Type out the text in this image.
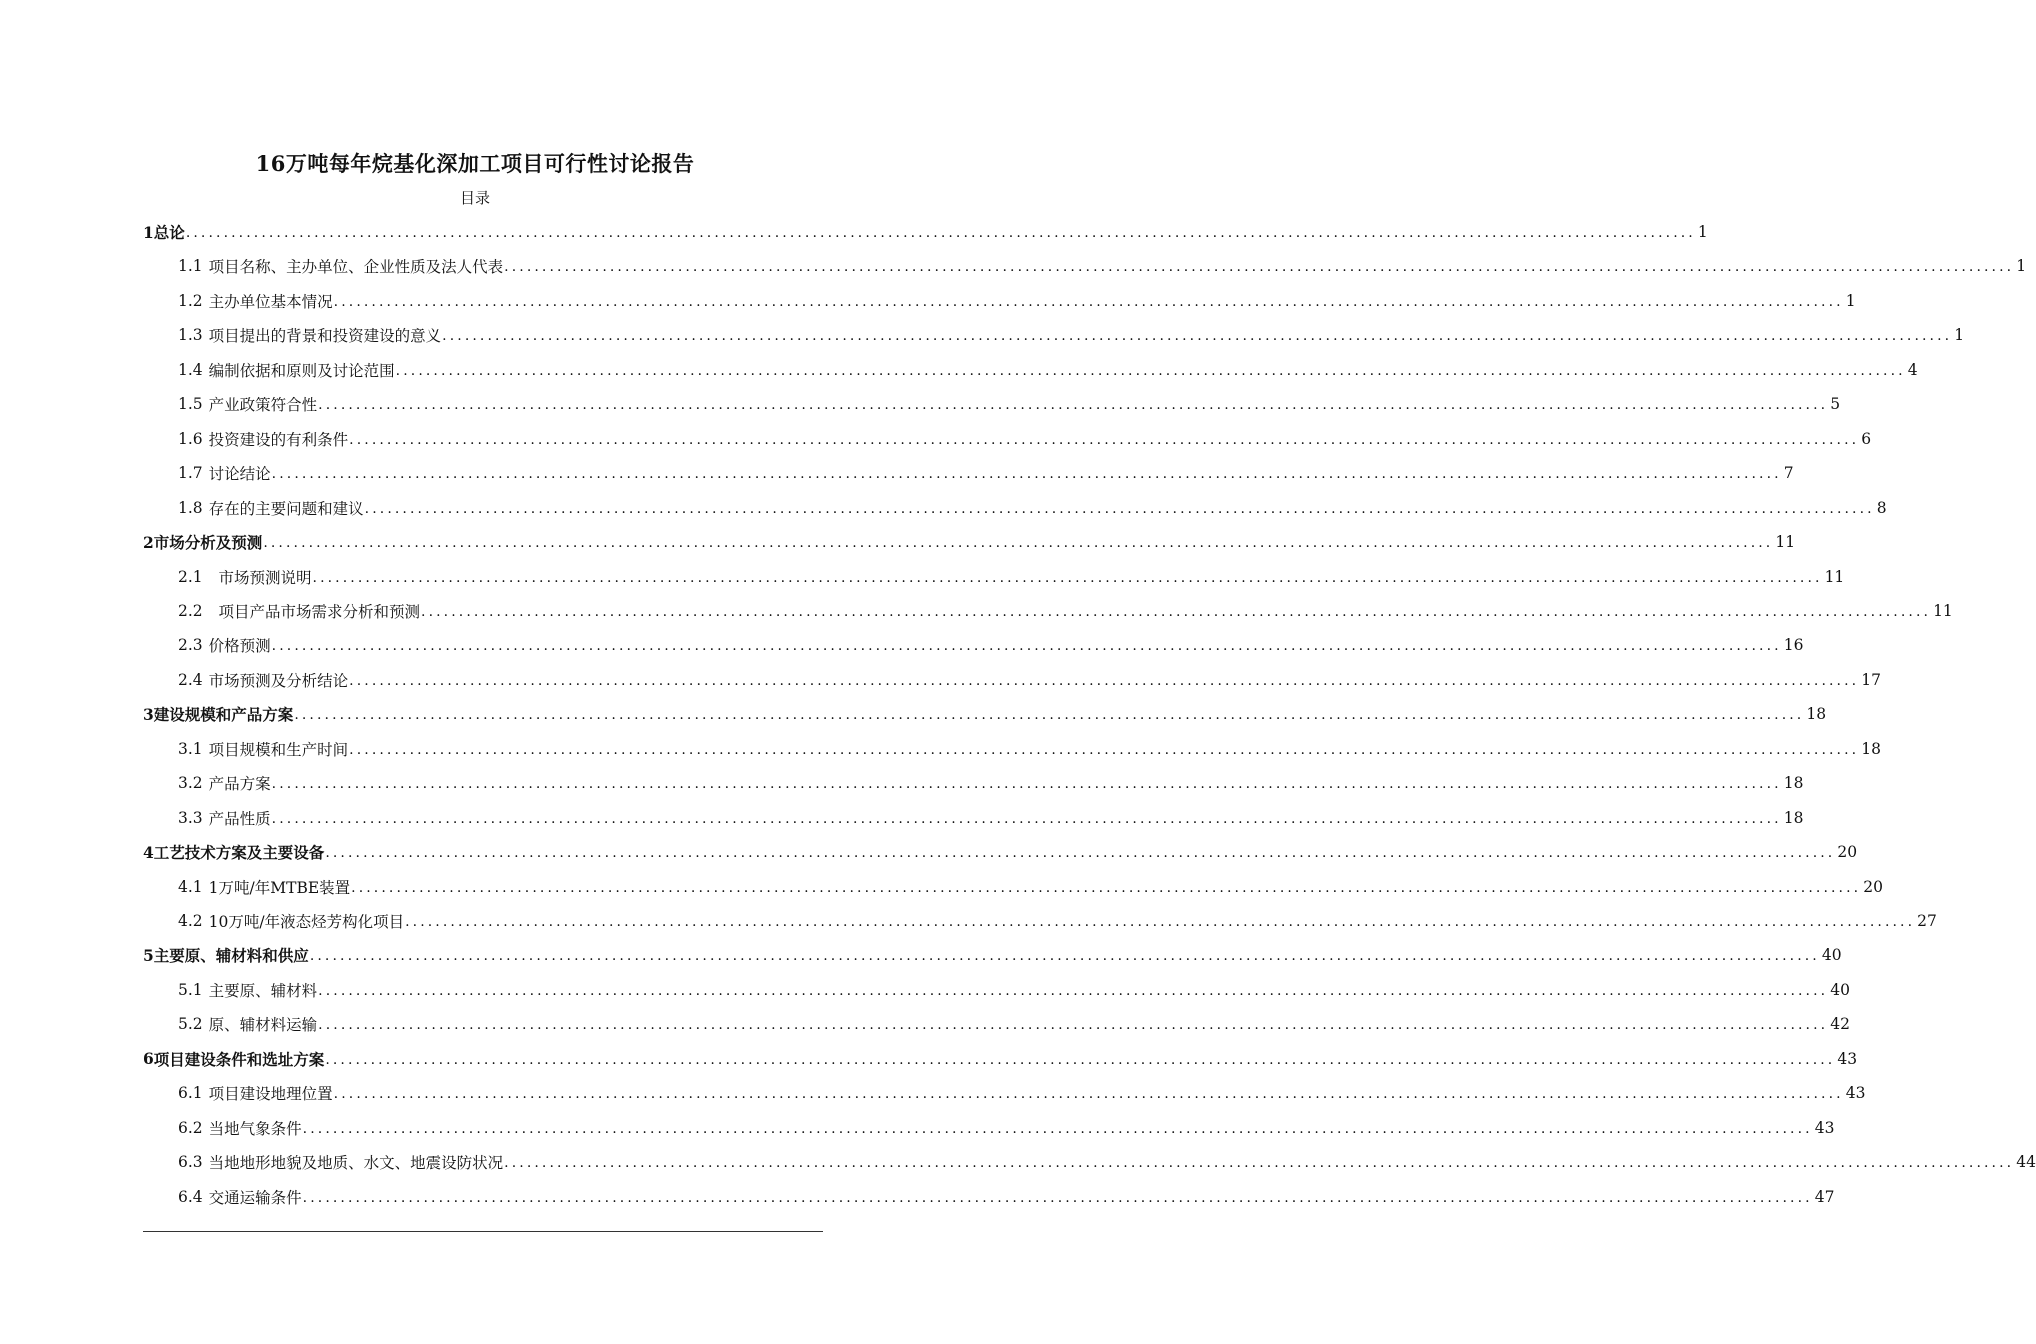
16万吨每年烷基化深加工项目可行性讨论报告
目录
1 总论 ........................................................................................................................................................................................................ 1
1.1 项目名称、主办单位、企业性质及法人代表 ........................................................................................................................................................................................................ 1
1.2 主办单位基本情况 ........................................................................................................................................................................................................ 1
1.3 项目提出的背景和投资建设的意义 ........................................................................................................................................................................................................ 1
1.4 编制依据和原则及讨论范围 ........................................................................................................................................................................................................ 4
1.5 产业政策符合性 ........................................................................................................................................................................................................ 5
1.6 投资建设的有利条件 ........................................................................................................................................................................................................ 6
1.7 讨论结论 ........................................................................................................................................................................................................ 7
1.8 存在的主要问题和建议 ........................................................................................................................................................................................................ 8
2 市场分析及预测 ........................................................................................................................................................................................................ 11
2.1 市场预测说明 ........................................................................................................................................................................................................ 11
2.2 项目产品市场需求分析和预测 ........................................................................................................................................................................................................ 11
2.3 价格预测 ........................................................................................................................................................................................................ 16
2.4 市场预测及分析结论 ........................................................................................................................................................................................................ 17
3 建设规模和产品方案 ........................................................................................................................................................................................................ 18
3.1 项目规模和生产时间 ........................................................................................................................................................................................................ 18
3.2 产品方案 ........................................................................................................................................................................................................ 18
3.3 产品性质 ........................................................................................................................................................................................................ 18
4 工艺技术方案及主要设备 ........................................................................................................................................................................................................ 20
4.1 1万吨/年MTBE装置 ........................................................................................................................................................................................................ 20
4.2 10万吨/年液态烃芳构化项目 ........................................................................................................................................................................................................ 27
5 主要原、辅材料和供应 ........................................................................................................................................................................................................ 40
5.1 主要原、辅材料 ........................................................................................................................................................................................................ 40
5.2 原、辅材料运输 ........................................................................................................................................................................................................ 42
6 项目建设条件和选址方案 ........................................................................................................................................................................................................ 43
6.1 项目建设地理位置 ........................................................................................................................................................................................................ 43
6.2 当地气象条件 ........................................................................................................................................................................................................ 43
6.3 当地地形地貌及地质、水文、地震设防状况 ........................................................................................................................................................................................................ 44
6.4 交通运输条件 ........................................................................................................................................................................................................ 47
